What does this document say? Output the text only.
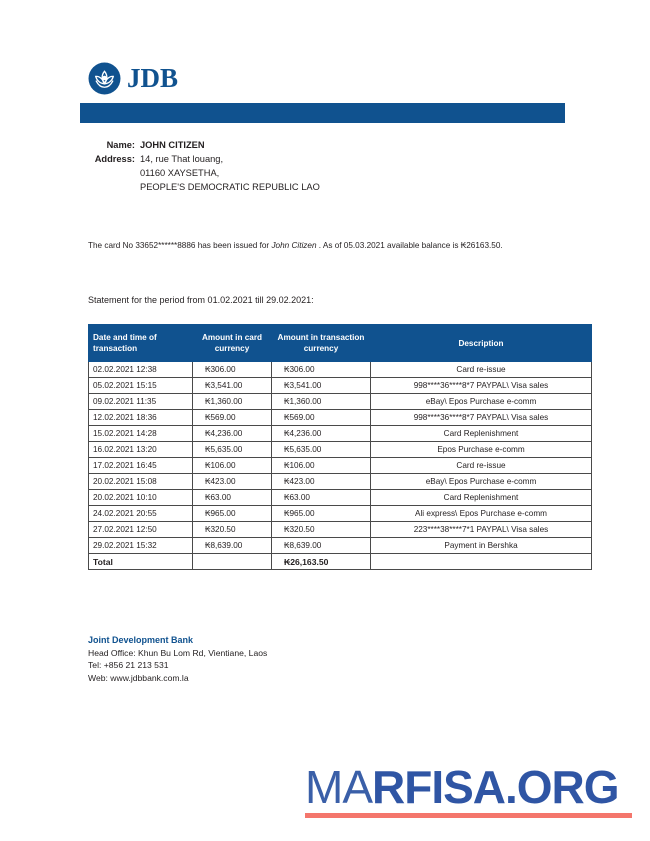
JDB
Name: JOHN CITIZEN
Address: 14, rue That louang,
01160 XAYSETHA,
PEOPLE'S DEMOCRATIC REPUBLIC LAO
The card No 33652******8886 has been issued for John Citizen . As of 05.03.2021 available balance is ₭26163.50.
Statement for the period from 01.02.2021 till 29.02.2021:
Date and time of transaction	Amount in card currency	Amount in transaction currency	Description
02.02.2021 12:38	₭306.00	₭306.00	Card re-issue
05.02.2021 15:15	₭3,541.00	₭3,541.00	998****36****8*7 PAYPAL\ Visa sales
09.02.2021 11:35	₭1,360.00	₭1,360.00	eBay\ Epos Purchase e-comm
12.02.2021 18:36	₭569.00	₭569.00	998****36****8*7 PAYPAL\ Visa sales
15.02.2021 14:28	₭4,236.00	₭4,236.00	Card Replenishment
16.02.2021 13:20	₭5,635.00	₭5,635.00	Epos Purchase e-comm
17.02.2021 16:45	₭106.00	₭106.00	Card re-issue
20.02.2021 15:08	₭423.00	₭423.00	eBay\ Epos Purchase e-comm
20.02.2021 10:10	₭63.00	₭63.00	Card Replenishment
24.02.2021 20:55	₭965.00	₭965.00	Ali express\ Epos Purchase e-comm
27.02.2021 12:50	₭320.50	₭320.50	223****38****7*1 PAYPAL\ Visa sales
29.02.2021 15:32	₭8,639.00	₭8,639.00	Payment in Bershka
Total		₭26,163.50	
Joint Development Bank
Head Office: Khun Bu Lom Rd, Vientiane, Laos
Tel: +856 21 213 531
Web: www.jdbbank.com.la
MARFISA.ORG
